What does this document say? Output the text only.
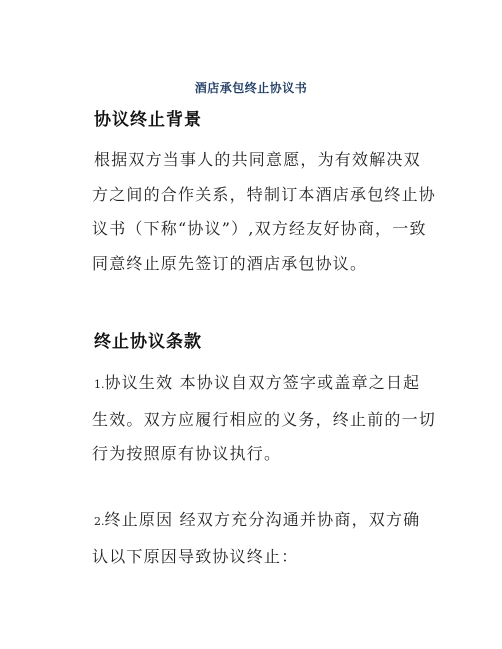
酒店承包终止协议书
协议终止背景

根据双方当事人的共同意愿，为有效解决双
方之间的合作关系，特制订本酒店承包终止协
议书（下称“协议”）,双方经友好协商，一致
同意终止原先签订的酒店承包协议。

终止协议条款

1.协议生效 本协议自双方签字或盖章之日起
生效。双方应履行相应的义务，终止前的一切
行为按照原有协议执行。

2.终止原因 经双方充分沟通并协商，双方确
认以下原因导致协议终止：
